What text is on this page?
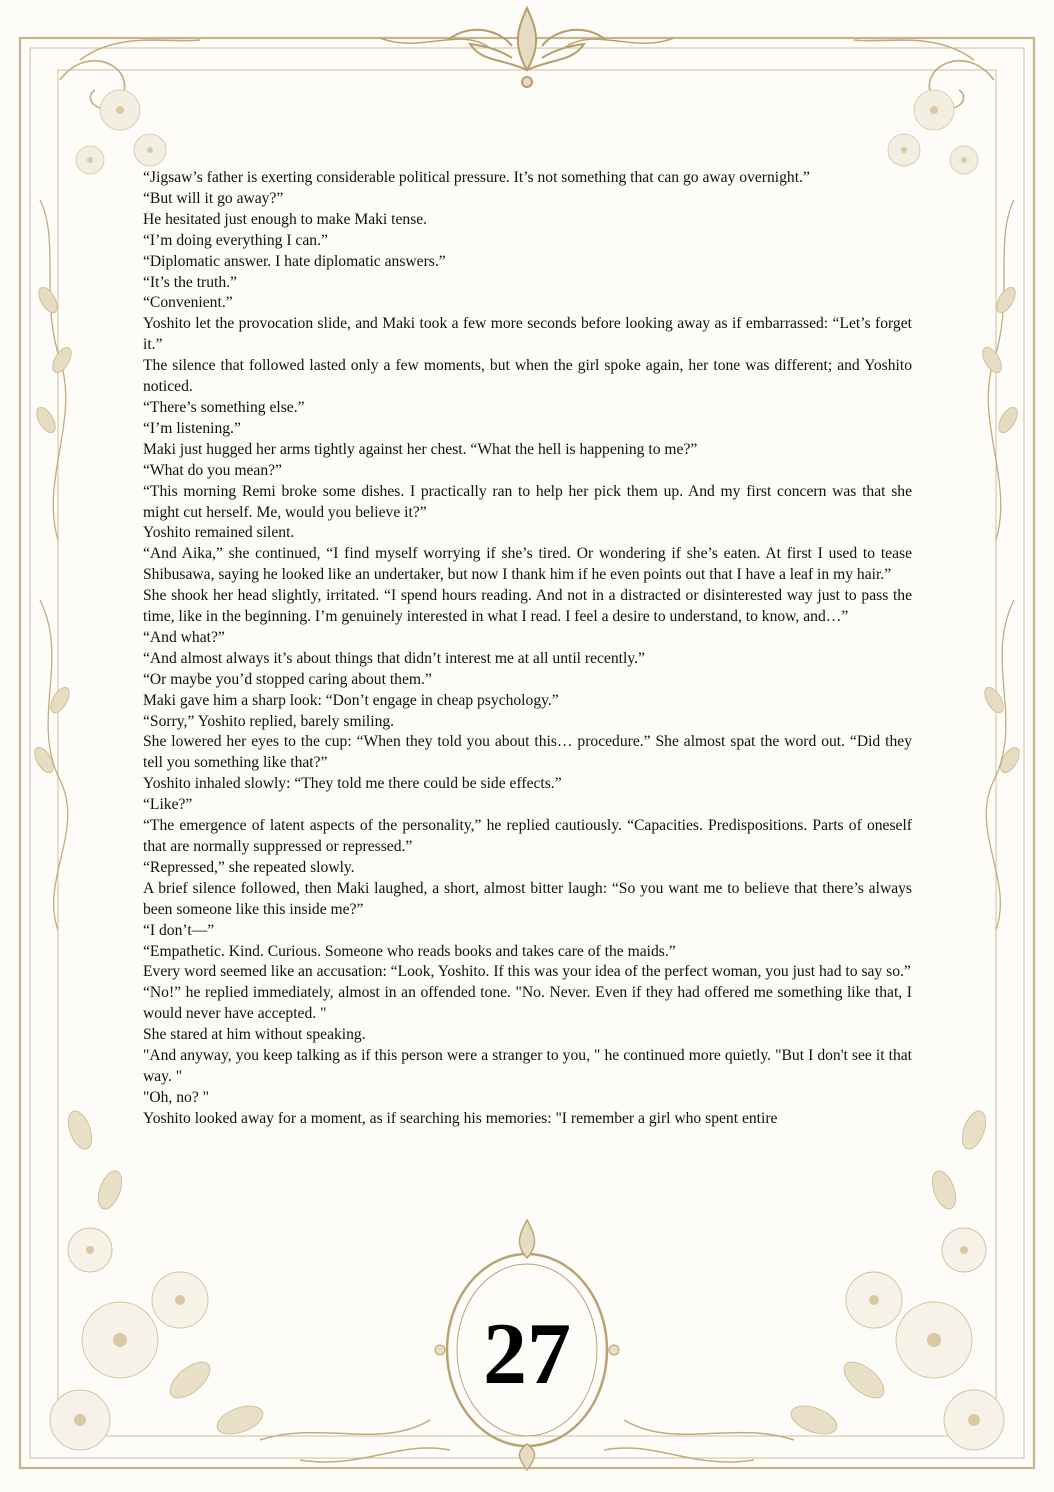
“Jigsaw’s father is exerting considerable political pressure. It’s not something that can go away overnight.”

“But will it go away?”

He hesitated just enough to make Maki tense.

“I’m doing everything I can.”

“Diplomatic answer. I hate diplomatic answers.”

“It’s the truth.”

“Convenient.”

Yoshito let the provocation slide, and Maki took a few more seconds before looking away as if embarrassed: “Let’s forget it.”

The silence that followed lasted only a few moments, but when the girl spoke again, her tone was different; and Yoshito noticed.

“There’s something else.”

“I’m listening.”

Maki just hugged her arms tightly against her chest. “What the hell is happening to me?”

“What do you mean?”

“This morning Remi broke some dishes. I practically ran to help her pick them up. And my first concern was that she might cut herself. Me, would you believe it?”

Yoshito remained silent.

“And Aika,” she continued, “I find myself worrying if she’s tired. Or wondering if she’s eaten. At first I used to tease Shibusawa, saying he looked like an undertaker, but now I thank him if he even points out that I have a leaf in my hair.”

She shook her head slightly, irritated. “I spend hours reading. And not in a distracted or disinterested way just to pass the time, like in the beginning. I’m genuinely interested in what I read. I feel a desire to understand, to know, and…”

“And what?”

“And almost always it’s about things that didn’t interest me at all until recently.”

“Or maybe you’d stopped caring about them.”

Maki gave him a sharp look: “Don’t engage in cheap psychology.”

“Sorry,” Yoshito replied, barely smiling.

She lowered her eyes to the cup: “When they told you about this… procedure.” She almost spat the word out. “Did they tell you something like that?”

Yoshito inhaled slowly: “They told me there could be side effects.”

“Like?”

“The emergence of latent aspects of the personality,” he replied cautiously. “Capacities. Predispositions. Parts of oneself that are normally suppressed or repressed.”

“Repressed,” she repeated slowly.

A brief silence followed, then Maki laughed, a short, almost bitter laugh: “So you want me to believe that there’s always been someone like this inside me?”

“I don’t—”

“Empathetic. Kind. Curious. Someone who reads books and takes care of the maids.”

Every word seemed like an accusation: “Look, Yoshito. If this was your idea of the perfect woman, you just had to say so.”

“No!” he replied immediately, almost in an offended tone. "No. Never. Even if they had offered me something like that, I would never have accepted. "

She stared at him without speaking.

"And anyway, you keep talking as if this person were a stranger to you, " he continued more quietly. "But I don't see it that way. "

"Oh, no? "

Yoshito looked away for a moment, as if searching his memories: "I remember a girl who spent entire

27
